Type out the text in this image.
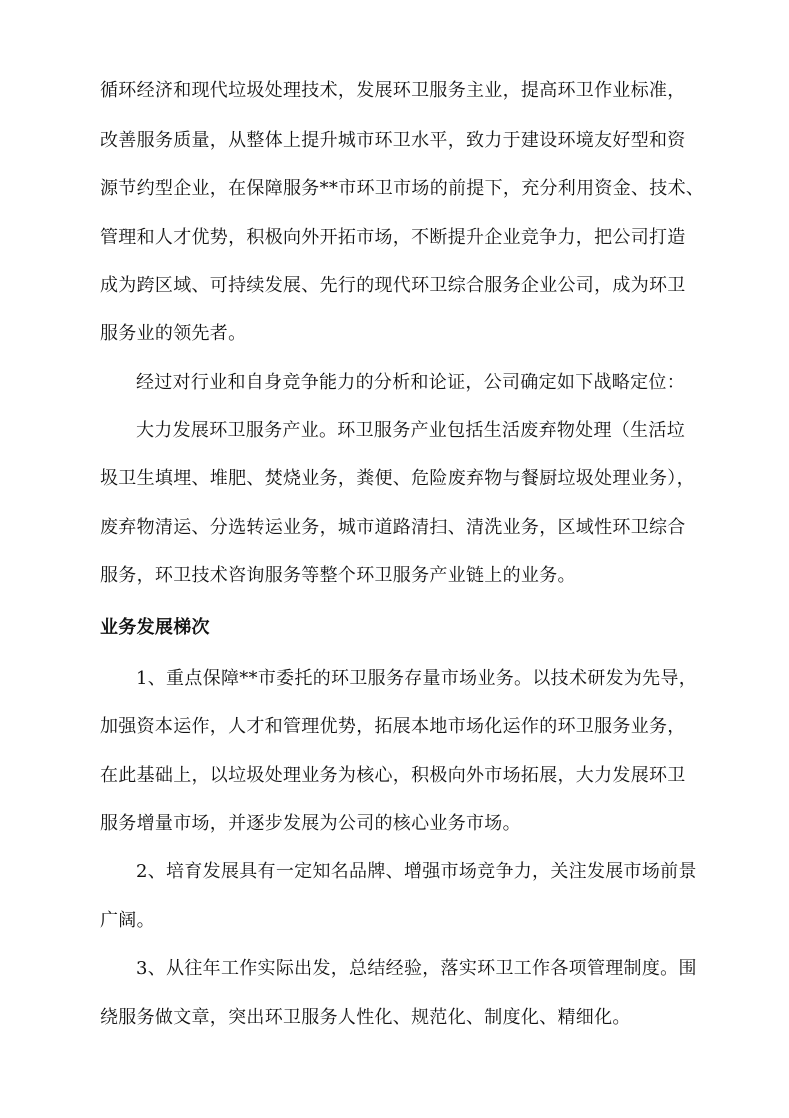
循环经济和现代垃圾处理技术，发展环卫服务主业，提高环卫作业标准，
改善服务质量，从整体上提升城市环卫水平，致力于建设环境友好型和资
源节约型企业，在保障服务**市环卫市场的前提下，充分利用资金、技术、
管理和人才优势，积极向外开拓市场，不断提升企业竞争力，把公司打造
成为跨区域、可持续发展、先行的现代环卫综合服务企业公司，成为环卫
服务业的领先者。
经过对行业和自身竞争能力的分析和论证，公司确定如下战略定位：
大力发展环卫服务产业。环卫服务产业包括生活废弃物处理（生活垃
圾卫生填埋、堆肥、焚烧业务，粪便、危险废弃物与餐厨垃圾处理业务），
废弃物清运、分选转运业务，城市道路清扫、清洗业务，区域性环卫综合
服务，环卫技术咨询服务等整个环卫服务产业链上的业务。
业务发展梯次
1、重点保障**市委托的环卫服务存量市场业务。以技术研发为先导，
加强资本运作，人才和管理优势，拓展本地市场化运作的环卫服务业务，
在此基础上，以垃圾处理业务为核心，积极向外市场拓展，大力发展环卫
服务增量市场，并逐步发展为公司的核心业务市场。
2、培育发展具有一定知名品牌、增强市场竞争力，关注发展市场前景
广阔。
3、从往年工作实际出发，总结经验，落实环卫工作各项管理制度。围
绕服务做文章，突出环卫服务人性化、规范化、制度化、精细化。
